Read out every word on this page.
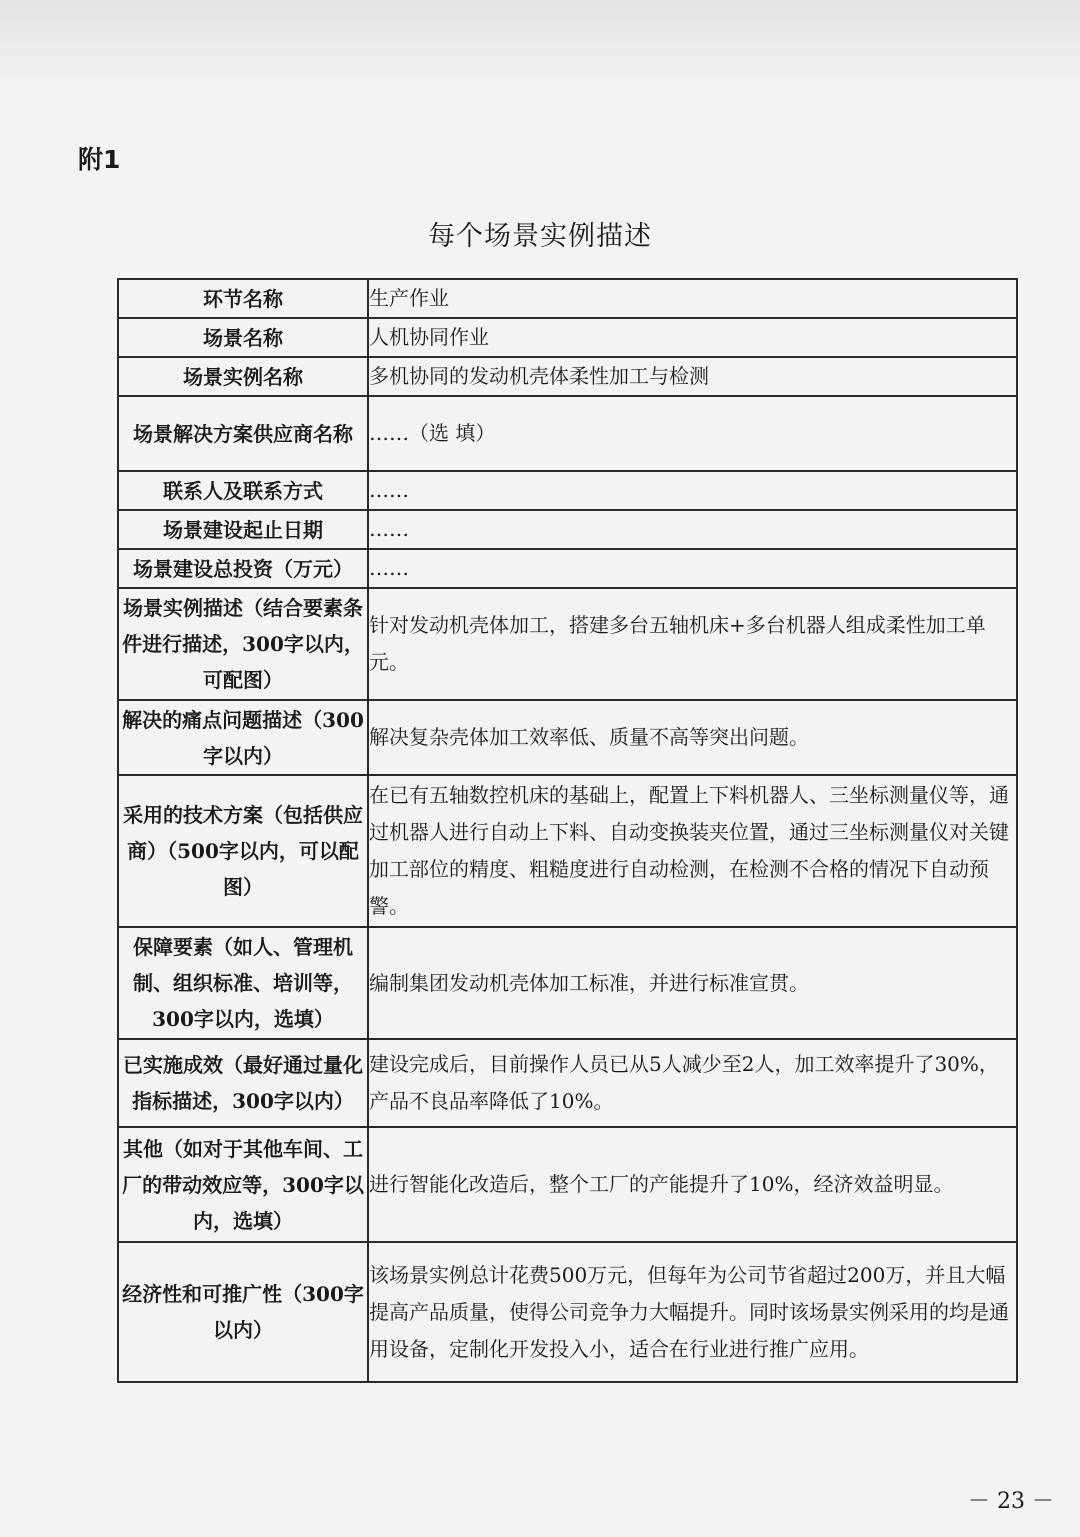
附1
每个场景实例描述
环节名称	生产作业
场景名称	人机协同作业
场景实例名称	多机协同的发动机壳体柔性加工与检测
场景解决方案供应商名称	……（选 填）
联系人及联系方式	……
场景建设起止日期	……
场景建设总投资（万元）	……
场景实例描述（结合要素条件进行描述，300字以内，可配图）	针对发动机壳体加工，搭建多台五轴机床+多台机器人组成柔性加工单元。
解决的痛点问题描述（300字以内）	解决复杂壳体加工效率低、质量不高等突出问题。
采用的技术方案（包括供应商）（500字以内，可以配图）	在已有五轴数控机床的基础上，配置上下料机器人、三坐标测量仪等，通过机器人进行自动上下料、自动变换装夹位置，通过三坐标测量仪对关键加工部位的精度、粗糙度进行自动检测，在检测不合格的情况下自动预警。
保障要素（如人、管理机制、组织标准、培训等，300字以内，选填）	编制集团发动机壳体加工标准，并进行标准宣贯。
已实施成效（最好通过量化指标描述，300字以内）	建设完成后，目前操作人员已从5人减少至2人，加工效率提升了30%，产品不良品率降低了10%。
其他（如对于其他车间、工厂的带动效应等，300字以内，选填）	进行智能化改造后，整个工厂的产能提升了10%，经济效益明显。
经济性和可推广性（300字以内）	该场景实例总计花费500万元，但每年为公司节省超过200万，并且大幅提高产品质量，使得公司竞争力大幅提升。同时该场景实例采用的均是通用设备，定制化开发投入小，适合在行业进行推广应用。
－ 23 －
